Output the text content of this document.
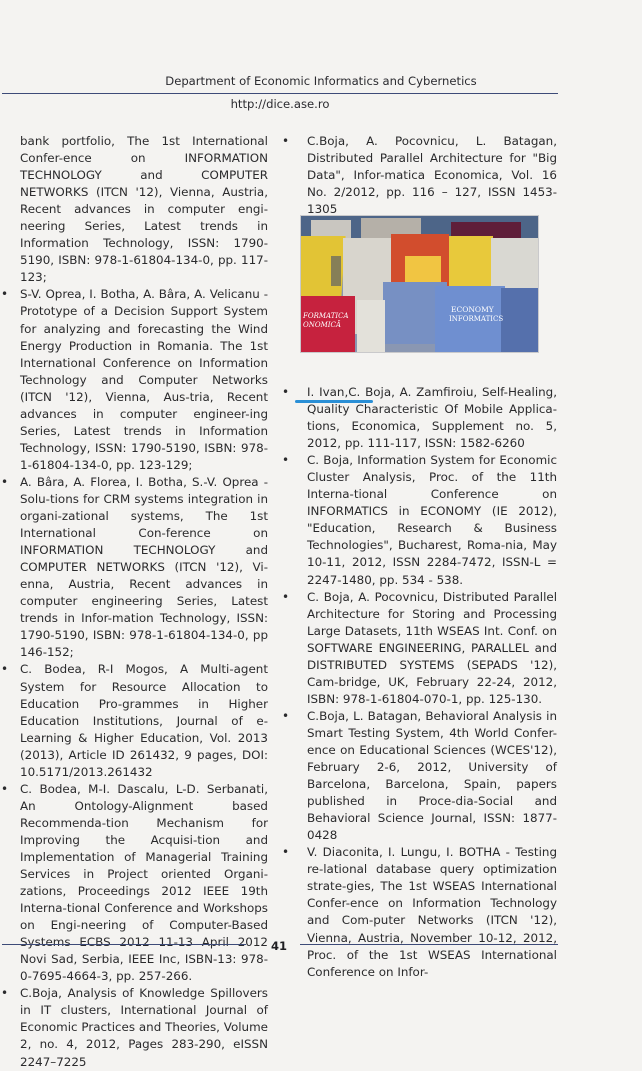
Department of Economic Informatics and Cybernetics
http://dice.ase.ro

bank portfolio, The 1st International Confer-ence on INFORMATION TECHNOLOGY and COMPUTER NETWORKS (ITCN '12), Vienna, Austria, Recent advances in computer engi-neering Series, Latest trends in Information Technology, ISSN: 1790-5190, ISBN: 978-1-61804-134-0, pp. 117-123;

• S-V. Oprea, I. Botha, A. Bâra, A. Velicanu - Prototype of a Decision Support System for analyzing and forecasting the Wind Energy Production in Romania. The 1st International Conference on Information Technology and Computer Networks (ITCN '12), Vienna, Aus-tria, Recent advances in computer engineer-ing Series, Latest trends in Information Technology, ISSN: 1790-5190, ISBN: 978-1-61804-134-0, pp. 123-129;

• A. Bâra, A. Florea, I. Botha, S.-V. Oprea - Solu-tions for CRM systems integration in organi-zational systems, The 1st International Con-ference on INFORMATION TECHNOLOGY and COMPUTER NETWORKS (ITCN '12), Vi-enna, Austria, Recent advances in computer engineering Series, Latest trends in Infor-mation Technology, ISSN: 1790-5190, ISBN: 978-1-61804-134-0, pp 146-152;

• C. Bodea, R-I Mogos, A Multi-agent System for Resource Allocation to Education Pro-grammes in Higher Education Institutions, Journal of e-Learning & Higher Education, Vol. 2013 (2013), Article ID 261432, 9 pages, DOI: 10.5171/2013.261432

• C. Bodea, M-I. Dascalu, L-D. Serbanati, An Ontology-Alignment based Recommenda-tion Mechanism for Improving the Acquisi-tion and Implementation of Managerial Training Services in Project oriented Organi-zations, Proceedings 2012 IEEE 19th Interna-tional Conference and Workshops on Engi-neering of Computer-Based Systems ECBS 2012 11-13 April 2012 Novi Sad, Serbia, IEEE Inc, ISBN-13: 978-0-7695-4664-3, pp. 257-266.

• C.Boja, Analysis of Knowledge Spillovers in IT clusters, International Journal of Economic Practices and Theories, Volume 2, no. 4, 2012, Pages 283-290, eISSN 2247–7225

• C.Boja, A. Pocovnicu, L. Batagan, Distributed Parallel Architecture for "Big Data", Infor-matica Economica, Vol. 16 No. 2/2012, pp. 116 – 127, ISSN 1453-1305

FORMATICA
ONOMICĂ
ECONOMY
INFORMATICS

• I. Ivan,C. Boja, A. Zamfiroiu, Self-Healing, Quality Characteristic Of Mobile Applica-tions, Economica, Supplement no. 5, 2012, pp. 111-117, ISSN: 1582-6260

• C. Boja, Information System for Economic Cluster Analysis, Proc. of the 11th Interna-tional Conference on INFORMATICS in ECONOMY (IE 2012), "Education, Research & Business Technologies", Bucharest, Roma-nia, May 10-11, 2012, ISSN 2284-7472, ISSN-L = 2247-1480, pp. 534 - 538.

• C. Boja, A. Pocovnicu, Distributed Parallel Architecture for Storing and Processing Large Datasets, 11th WSEAS Int. Conf. on SOFTWARE ENGINEERING, PARALLEL and DISTRIBUTED SYSTEMS (SEPADS '12), Cam-bridge, UK, February 22-24, 2012, ISBN: 978-1-61804-070-1, pp. 125-130.

• C.Boja, L. Batagan, Behavioral Analysis in Smart Testing System, 4th World Confer-ence on Educational Sciences (WCES'12), February 2-6, 2012, University of Barcelona, Barcelona, Spain, papers published in Proce-dia-Social and Behavioral Science Journal, ISSN: 1877-0428

• V. Diaconita, I. Lungu, I. BOTHA - Testing re-lational database query optimization strate-gies, The 1st WSEAS International Confer-ence on Information Technology and Com-puter Networks (ITCN '12), Vienna, Austria, November 10-12, 2012, Proc. of the 1st WSEAS International Conference on Infor-

41
